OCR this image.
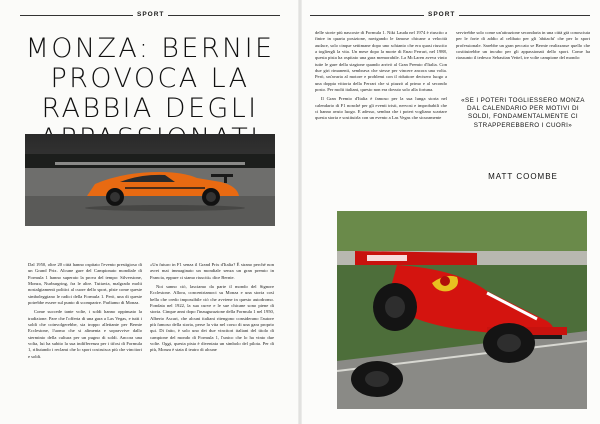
SPORT	SPORT
MONZA: BERNIE PROVOCA LA RABBIA DEGLI

Dal 1950, oltre 20 città hanno ospitato l'evento prestigioso di un Grand Prix. Alcune gare del Campionato mondiale di Formula 1 hanno superato la prova del tempo: Silverstone, Monza, Nurburgring, fra le altre. Tuttavia, malgrado molti nostalgiamenti politici al cuore dello sport, pìste come queste simboleggiano le radici della Formula 1. Però, una di queste potrebbe essere sul punto di scomparire. Parliamo di Monza.

Come succede tante volte, i soldi hanno oppinuato la tradizione. Pare che l'offerta di una gara a Las Vegas, e tutti i soldi che coinvolgerebbe, sia troppo allettante per Bernie Ecclestone, l'uomo che si alimenta e sopravvive dallo sterminio della cultura per un pugno di soldi. Ancora una volta, lui ha subito la sua indifferenza per i tifosi di Formula 1, rifiutando i reclami che lo sport costruisca più che vincitori e soldi.

«Un futuro in F1 senza il Grand Prix d'Italia? È strano perché non avrei mai immaginato un mondiale senza un gran premio in Francia, eppure ci siamo riusciti» dice Bernie.

Noi sanno ciò, lasciamo da parte il mondo del Signore Ecclestone. Allora, concentriamoci su Monza e una storia così bella che credo impossibile ciò che avviene in questo autodromo. Fondata nel 1922, la sua curve e le sue chicane sono piene di storia. Cinque anni dopo l'inaugurazione della Formula 1 nel 1950, Alberto Ascari, che alcuni italiani ritengono considerano l'autore più famoso della storia, perse la vita nel corso di una gara proprio qui. Di fatto, è solo uno dei due vincitori italiani del titolo di campione del mondo di Formula 1, l'unico che lo ha vinto due volte. Oggi, questa pista è diventata un simbolo del pilota. Per di più, Monza è stata il teatro di alcune

delle storie più nascoste di Formula 1. Niki Lauda nel 1974 è riuscito a finire in quarta posizione, navigando le famose chicane a velocità audace, solo cinque settimane dopo uno schianto che era quasi riuscito a togliergli la vita. Un mese dopo la morte di Enzo Ferrari, nel 1988, questa pista ha ospitato una gara memorabile. La McLaren aveva vinto tutte le gare della stagione quando arrivò al Gran Premio d'Italia. Con due giri rimanenti, sembrava che stesse per vincere ancora una volta. Però, un'avaria al motore e problemi con il riduttore decisero luogo a una doppia vittoria della Ferrari che si piazzò al primo e al secondo posto. Per molti italiani, questo non era dovuto solo alla fortuna.

Il Gran Premio d'Italia è famoso per la sua lunga storia nel calendario di F1 nonché per gli eventi tristi, nervosi e improbabili che ci hanno avuto luogo. E adesso, sembra che i poteri vogliano scartare questa storia e sostituirla con un evento a Las Vegas che sicuramente

servirebbe solo come un'attrazione secondaria in una città già conosciuta per le forte di addio al celibato per gli 'abitachi' che per lo sport professionale. Sarebbe un gran peccato se Bernie realizzasse quello che costituirebbe un incubo per gli appassionati dello sport. Come ha riassunto il tedesco Sebastian Vettel, tre volte campione del mondo:

«SE I POTERI TOGLIESSERO MONZA DAL CALENDARIO PER MOTIVI DI SOLDI, FONDAMENTALMENTE CI STRAPPEREBBERO I CUORI»

MATT COOMBE
